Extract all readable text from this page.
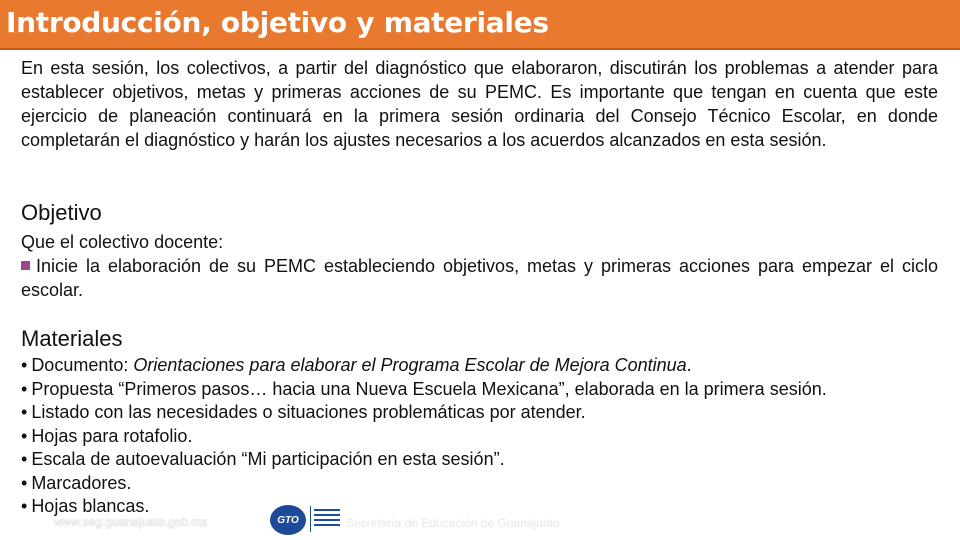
Introducción, objetivo y materiales
En esta sesión, los colectivos, a partir del diagnóstico que elaboraron, discutirán los problemas a atender para establecer objetivos, metas y primeras acciones de su PEMC. Es importante que tengan en cuenta que este ejercicio de planeación continuará en la primera sesión ordinaria del Consejo Técnico Escolar, en donde completarán el diagnóstico y harán los ajustes necesarios a los acuerdos alcanzados en esta sesión.
Objetivo
Que el colectivo docente:
Inicie la elaboración de su PEMC estableciendo objetivos, metas y primeras acciones para empezar el ciclo escolar.
Materiales
• Documento: Orientaciones para elaborar el Programa Escolar de Mejora Continua.
• Propuesta “Primeros pasos… hacia una Nueva Escuela Mexicana”, elaborada en la primera sesión.
• Listado con las necesidades o situaciones problemáticas por atender.
• Hojas para rotafolio.
• Escala de autoevaluación “Mi participación en esta sesión”.
• Marcadores.
• Hojas blancas.
www.seg.guanajuato.gob.mx	GTO	Secretaría de Educación de Guanajuato
